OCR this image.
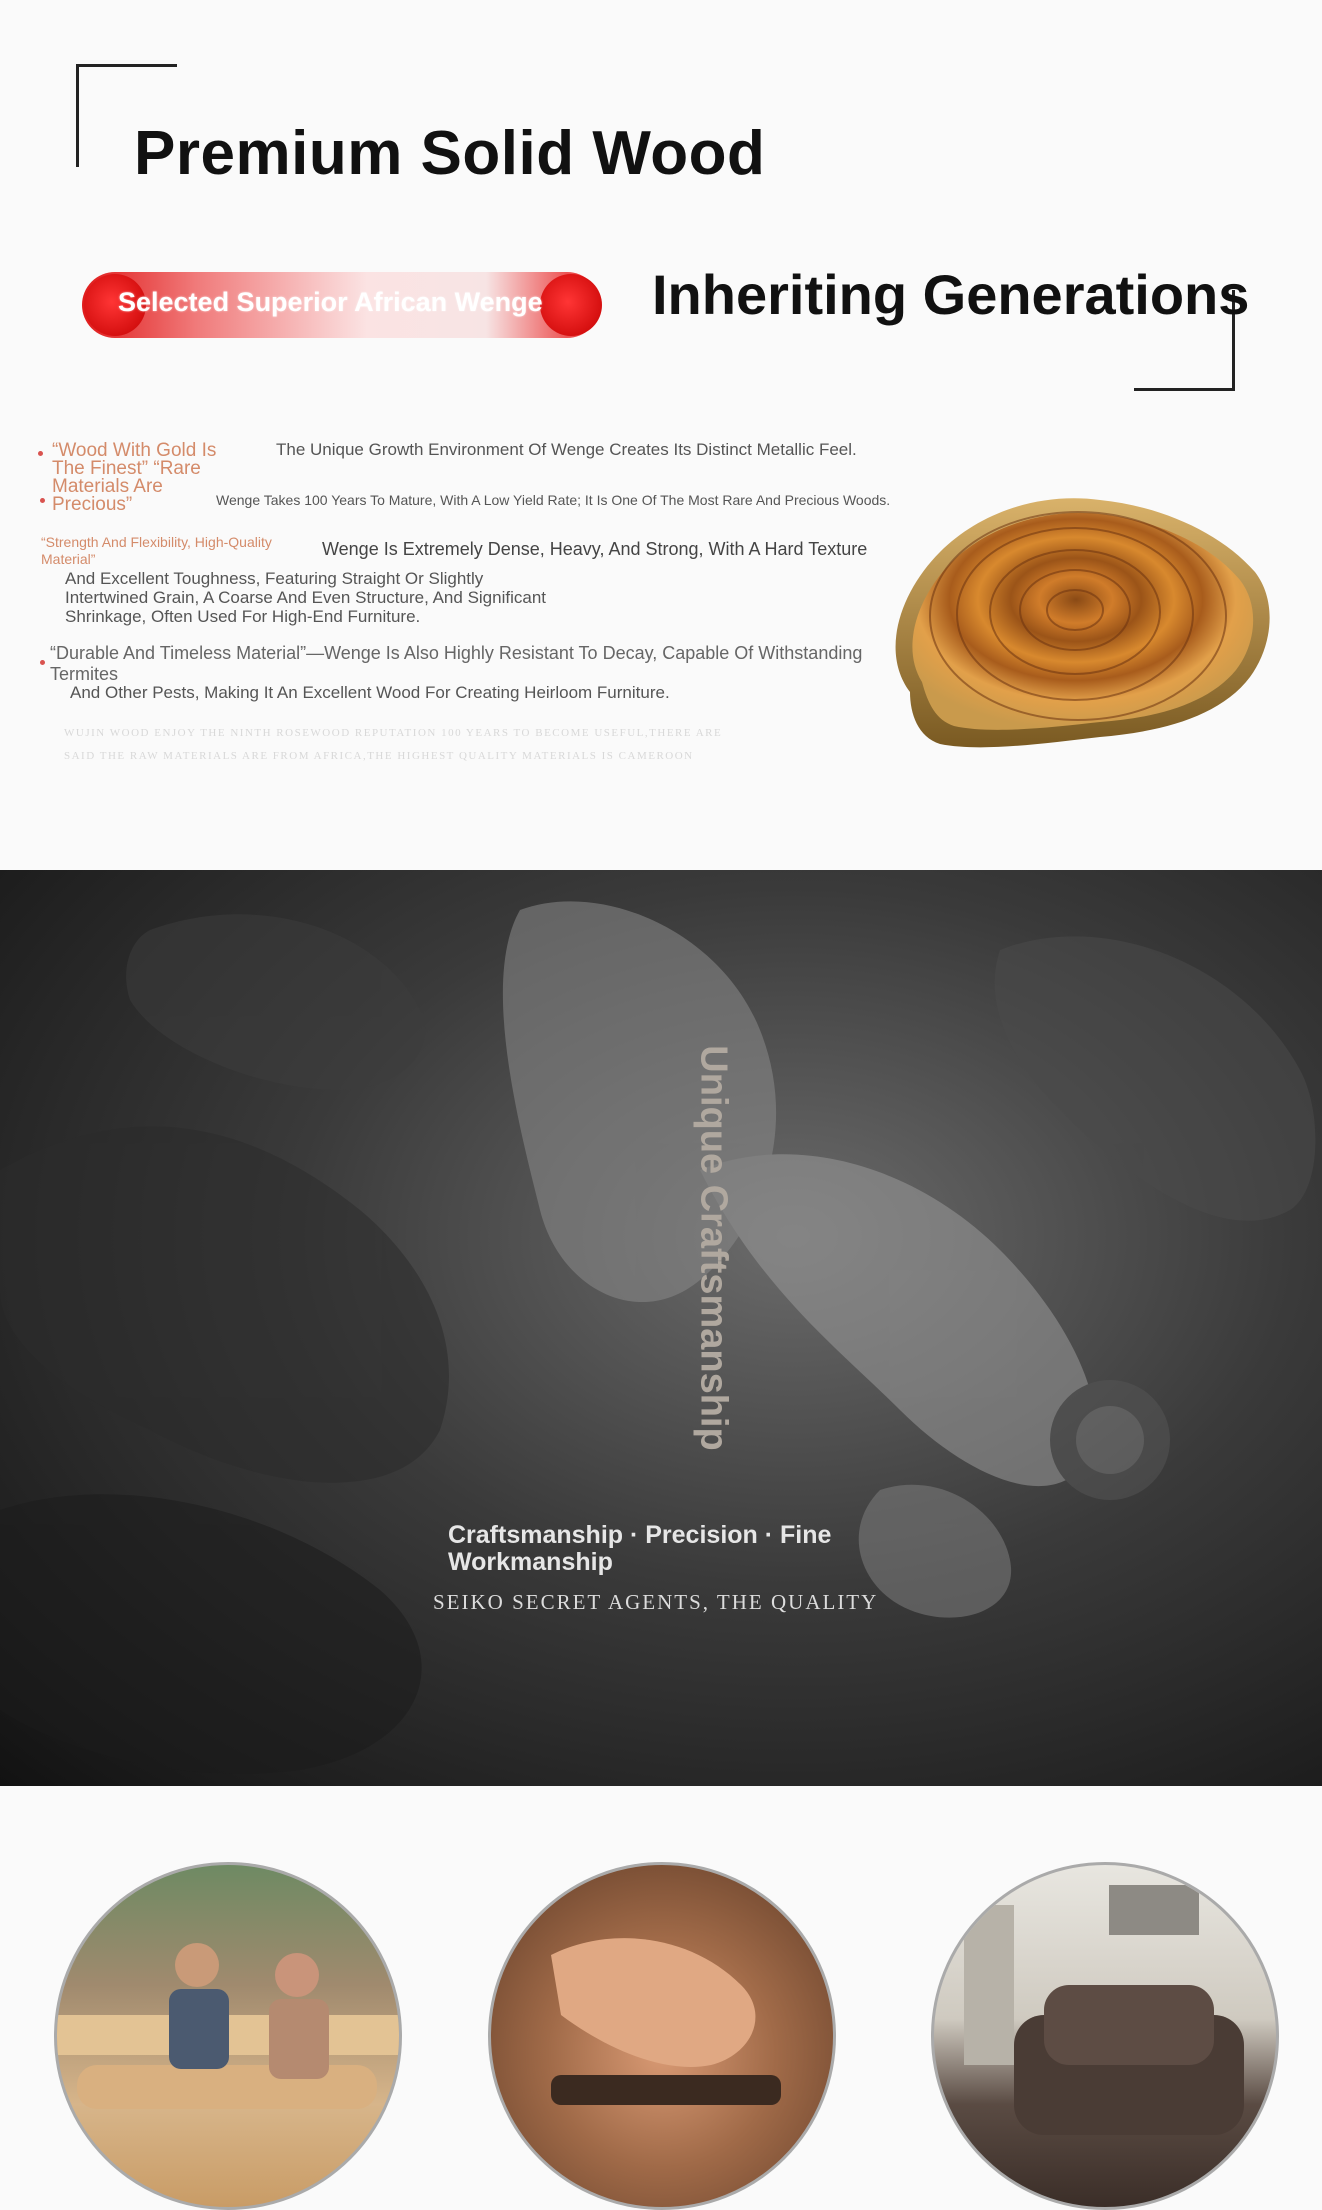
Premium Solid Wood
Selected Superior African Wenge Inheriting Generations
“Wood With Gold Is The Finest” “Rare Materials Are Precious”
The Unique Growth Environment Of Wenge Creates Its Distinct Metallic Feel.
Wenge Takes 100 Years To Mature, With A Low Yield Rate; It Is One Of The Most Rare And Precious Woods.
“Strength And Flexibility, High-Quality Material”	Wenge Is Extremely Dense, Heavy, And Strong, With A Hard Texture
And Excellent Toughness, Featuring Straight Or Slightly Intertwined Grain, A Coarse And Even Structure, And Significant Shrinkage, Often Used For High-End Furniture.
“Durable And Timeless Material”—Wenge Is Also Highly Resistant To Decay, Capable Of Withstanding Termites
And Other Pests, Making It An Excellent Wood For Creating Heirloom Furniture.
WUJIN WOOD ENJOY THE NINTH ROSEWOOD REPUTATION 100 YEARS TO BECOME USEFUL,THERE ARE
SAID THE RAW MATERIALS ARE FROM AFRICA,THE HIGHEST QUALITY MATERIALS IS CAMEROON
Unique Craftsmanship
Craftsmanship · Precision · Fine Workmanship
SEIKO SECRET AGENTS, THE QUALITY
